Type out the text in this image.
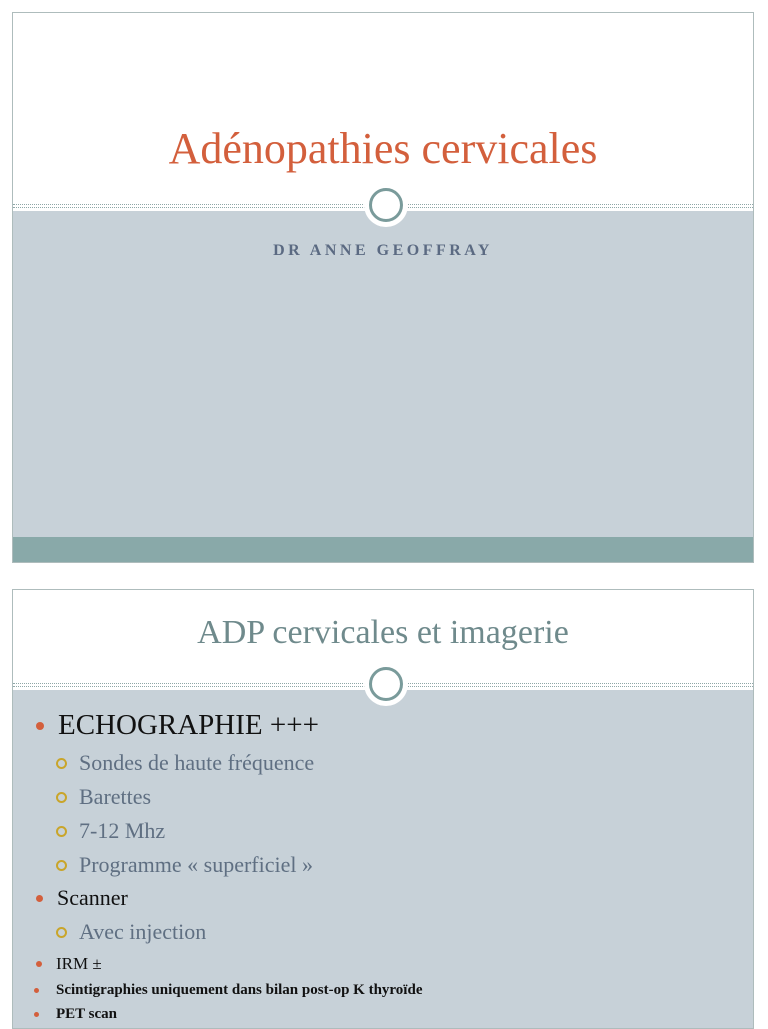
Adénopathies cervicales
DR ANNE GEOFFRAY
ADP cervicales et imagerie
ECHOGRAPHIE +++
Sondes de haute fréquence
Barettes
7-12 Mhz
Programme « superficiel »
Scanner
Avec injection
IRM ±
Scintigraphies uniquement dans bilan post-op K thyroïde
PET scan
